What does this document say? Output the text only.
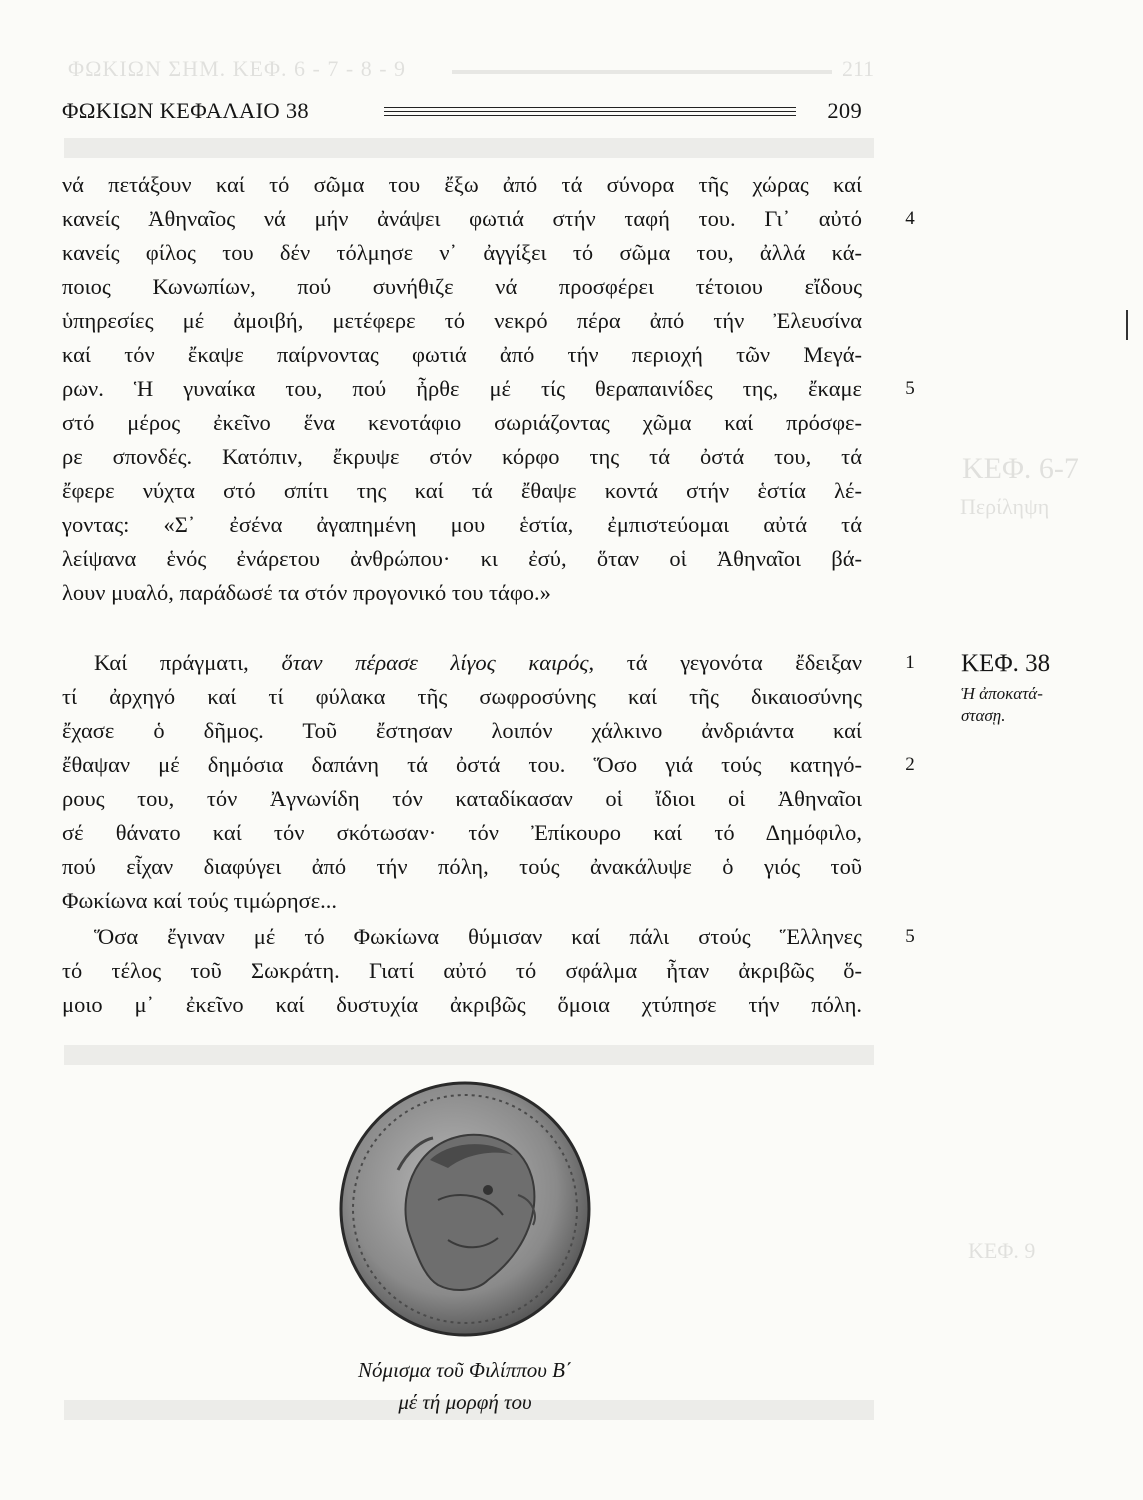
ΦΩΚΙΩΝ ΣΗΜ. ΚΕΦ. 6 - 7 - 8 - 9	211
ΚΕΦ. 6-7
Περίληψη
ΚΕΦ. 9
ΦΩΚΙΩΝ ΚΕΦΑΛΑΙΟ 38	209
νά πετάξουν καί τό σῶμα του ἔξω ἀπό τά σύνορα τῆς χώρας καί
κανείς Ἀθηναῖος νά μήν ἀνάψει φωτιά στήν ταφή του. Γι᾿ αὐτό
κανείς φίλος του δέν τόλμησε ν᾿ ἀγγίξει τό σῶμα του, ἀλλά κά-
ποιος Κωνωπίων, πού συνήθιζε νά προσφέρει τέτοιου εἴδους
ὑπηρεσίες μέ ἀμοιβή, μετέφερε τό νεκρό πέρα ἀπό τήν Ἐλευσίνα
καί τόν ἔκαψε παίρνοντας φωτιά ἀπό τήν περιοχή τῶν Μεγά-
ρων. Ἡ γυναίκα του, πού ἦρθε μέ τίς θεραπαινίδες της, ἔκαμε
στό μέρος ἐκεῖνο ἕνα κενοτάφιο σωριάζοντας χῶμα καί πρόσφε-
ρε σπονδές. Κατόπιν, ἔκρυψε στόν κόρφο της τά ὀστά του, τά
ἔφερε νύχτα στό σπίτι της καί τά ἔθαψε κοντά στήν ἑστία λέ-
γοντας: «Σ᾿ ἐσένα ἀγαπημένη μου ἑστία, ἐμπιστεύομαι αὐτά τά
λείψανα ἑνός ἐνάρετου ἀνθρώπου· κι ἐσύ, ὅταν οἱ Ἀθηναῖοι βά-
λουν μυαλό, παράδωσέ τα στόν προγονικό του τάφο.»
Καί πράγματι, ὅταν πέρασε λίγος καιρός, τά γεγονότα ἔδειξαν
τί ἀρχηγό καί τί φύλακα τῆς σωφροσύνης καί τῆς δικαιοσύνης
ἔχασε ὁ δῆμος. Τοῦ ἔστησαν λοιπόν χάλκινο ἀνδριάντα καί
ἔθαψαν μέ δημόσια δαπάνη τά ὀστά του. Ὅσο γιά τούς κατηγό-
ρους του, τόν Ἀγνωνίδη τόν καταδίκασαν οἱ ἴδιοι οἱ Ἀθηναῖοι
σέ θάνατο καί τόν σκότωσαν· τόν Ἐπίκουρο καί τό Δημόφιλο,
πού εἶχαν διαφύγει ἀπό τήν πόλη, τούς ἀνακάλυψε ὁ γιός τοῦ
Φωκίωνα καί τούς τιμώρησε...
Ὅσα ἔγιναν μέ τό Φωκίωνα θύμισαν καί πάλι στούς Ἕλληνες
τό τέλος τοῦ Σωκράτη. Γιατί αὐτό τό σφάλμα ἦταν ἀκριβῶς ὅ-
μοιο μ᾿ ἐκεῖνο καί δυστυχία ἀκριβῶς ὅμοια χτύπησε τήν πόλη.
4
5
1
2
5
ΚΕΦ. 38
Ἡ ἀποκατά-
στασῃ.
Νόμισμα τοῦ Φιλίππου Β΄
μέ τή μορφή του
